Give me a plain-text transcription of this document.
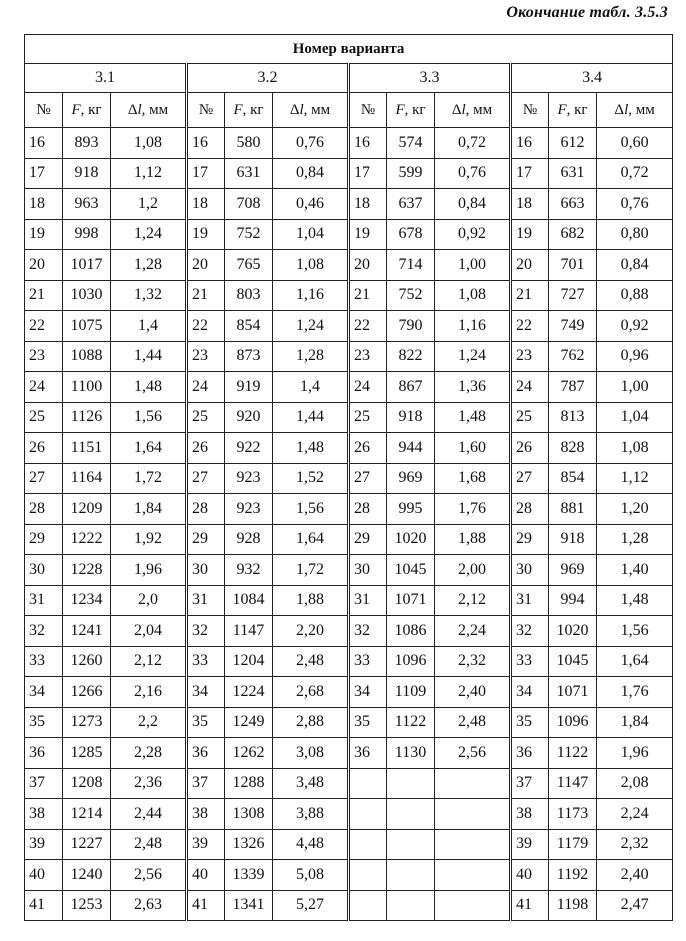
Окончание табл. 3.5.3
Номер варианта											
3.1			3.2			3.3			3.4		
№	F, кг	Δl, мм	№	F, кг	Δl, мм	№	F, кг	Δl, мм	№	F, кг	Δl, мм
16	893	1,08	16	580	0,76	16	574	0,72	16	612	0,60
17	918	1,12	17	631	0,84	17	599	0,76	17	631	0,72
18	963	1,2	18	708	0,46	18	637	0,84	18	663	0,76
19	998	1,24	19	752	1,04	19	678	0,92	19	682	0,80
20	1017	1,28	20	765	1,08	20	714	1,00	20	701	0,84
21	1030	1,32	21	803	1,16	21	752	1,08	21	727	0,88
22	1075	1,4	22	854	1,24	22	790	1,16	22	749	0,92
23	1088	1,44	23	873	1,28	23	822	1,24	23	762	0,96
24	1100	1,48	24	919	1,4	24	867	1,36	24	787	1,00
25	1126	1,56	25	920	1,44	25	918	1,48	25	813	1,04
26	1151	1,64	26	922	1,48	26	944	1,60	26	828	1,08
27	1164	1,72	27	923	1,52	27	969	1,68	27	854	1,12
28	1209	1,84	28	923	1,56	28	995	1,76	28	881	1,20
29	1222	1,92	29	928	1,64	29	1020	1,88	29	918	1,28
30	1228	1,96	30	932	1,72	30	1045	2,00	30	969	1,40
31	1234	2,0	31	1084	1,88	31	1071	2,12	31	994	1,48
32	1241	2,04	32	1147	2,20	32	1086	2,24	32	1020	1,56
33	1260	2,12	33	1204	2,48	33	1096	2,32	33	1045	1,64
34	1266	2,16	34	1224	2,68	34	1109	2,40	34	1071	1,76
35	1273	2,2	35	1249	2,88	35	1122	2,48	35	1096	1,84
36	1285	2,28	36	1262	3,08	36	1130	2,56	36	1122	1,96
37	1208	2,36	37	1288	3,48				37	1147	2,08
38	1214	2,44	38	1308	3,88				38	1173	2,24
39	1227	2,48	39	1326	4,48				39	1179	2,32
40	1240	2,56	40	1339	5,08				40	1192	2,40
41	1253	2,63	41	1341	5,27				41	1198	2,47
